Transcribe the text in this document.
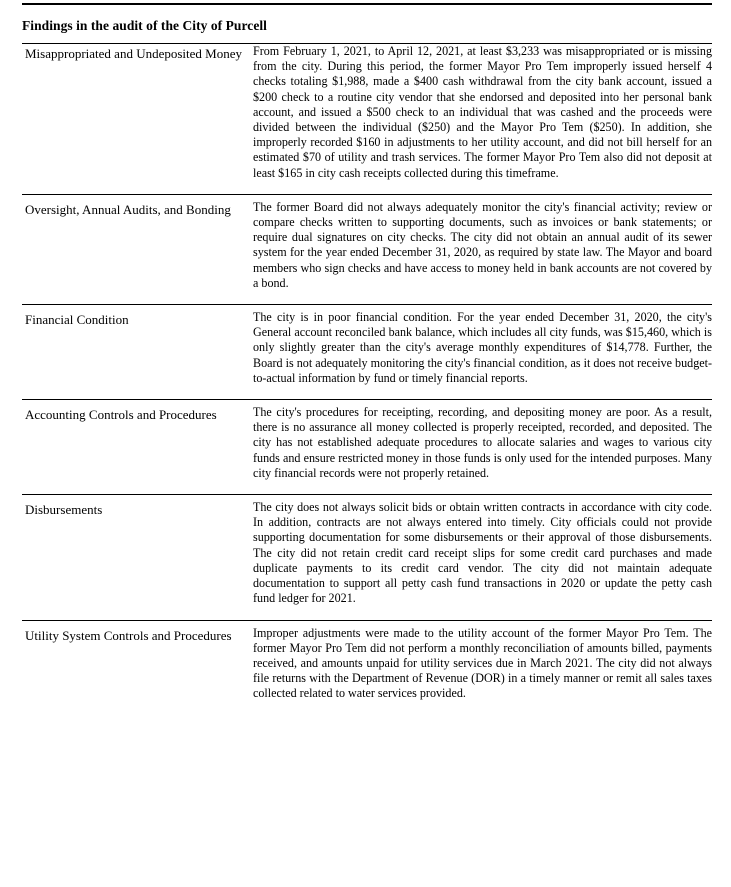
Findings in the audit of the City of Purcell
Misappropriated and Undeposited Money	From February 1, 2021, to April 12, 2021, at least $3,233 was misappropriated or is missing from the city. During this period, the former Mayor Pro Tem improperly issued herself 4 checks totaling $1,988, made a $400 cash withdrawal from the city bank account, issued a $200 check to a routine city vendor that she endorsed and deposited into her personal bank account, and issued a $500 check to an individual that was cashed and the proceeds were divided between the individual ($250) and the Mayor Pro Tem ($250). In addition, she improperly recorded $160 in adjustments to her utility account, and did not bill herself for an estimated $70 of utility and trash services. The former Mayor Pro Tem also did not deposit at least $165 in city cash receipts collected during this timeframe.

Oversight, Annual Audits, and Bonding	The former Board did not always adequately monitor the city's financial activity; review or compare checks written to supporting documents, such as invoices or bank statements; or require dual signatures on city checks. The city did not obtain an annual audit of its sewer system for the year ended December 31, 2020, as required by state law. The Mayor and board members who sign checks and have access to money held in bank accounts are not covered by a bond.

Financial Condition	The city is in poor financial condition. For the year ended December 31, 2020, the city's General account reconciled bank balance, which includes all city funds, was $15,460, which is only slightly greater than the city's average monthly expenditures of $14,778. Further, the Board is not adequately monitoring the city's financial condition, as it does not receive budget-to-actual information by fund or timely financial reports.

Accounting Controls and Procedures	The city's procedures for receipting, recording, and depositing money are poor. As a result, there is no assurance all money collected is properly receipted, recorded, and deposited. The city has not established adequate procedures to allocate salaries and wages to various city funds and ensure restricted money in those funds is only used for the intended purposes. Many city financial records were not properly retained.

Disbursements	The city does not always solicit bids or obtain written contracts in accordance with city code. In addition, contracts are not always entered into timely. City officials could not provide supporting documentation for some disbursements or their approval of those disbursements. The city did not retain credit card receipt slips for some credit card purchases and made duplicate payments to its credit card vendor. The city did not maintain adequate documentation to support all petty cash fund transactions in 2020 or update the petty cash fund ledger for 2021.

Utility System Controls and Procedures	Improper adjustments were made to the utility account of the former Mayor Pro Tem. The former Mayor Pro Tem did not perform a monthly reconciliation of amounts billed, payments received, and amounts unpaid for utility services due in March 2021. The city did not always file returns with the Department of Revenue (DOR) in a timely manner or remit all sales taxes collected related to water services provided.
